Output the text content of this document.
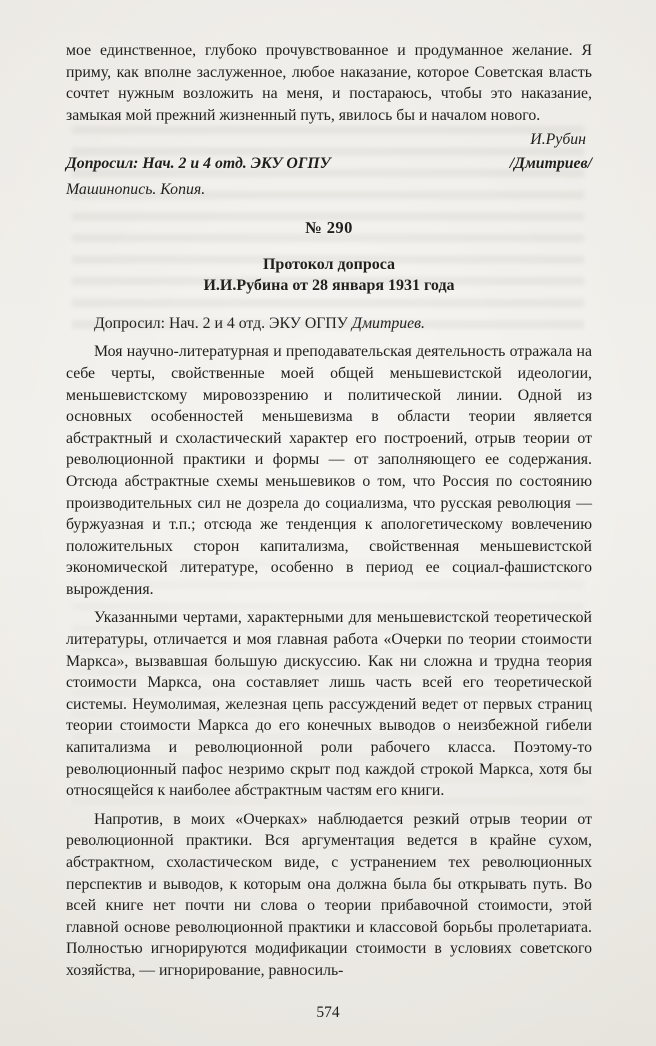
мое единственное, глубоко прочувствованное и продуманное желание. Я приму, как вполне заслуженное, любое наказание, которое Советская власть сочтет нужным возложить на меня, и постараюсь, чтобы это наказание, замыкая мой прежний жизненный путь, явилось бы и началом нового.

И.Рубин

Допросил: Нач. 2 и 4 отд. ЭКУ ОГПУ	/Дмитриев/

Машинопись. Копия.

№ 290

Протокол допроса
И.И.Рубина от 28 января 1931 года

Допросил: Нач. 2 и 4 отд. ЭКУ ОГПУ Дмитриев.

Моя научно-литературная и преподавательская деятельность отражала на себе черты, свойственные моей общей меньшевистской идеологии, меньшевистскому мировоззрению и политической линии. Одной из основных особенностей меньшевизма в области теории является абстрактный и схоластический характер его построений, отрыв теории от революционной практики и формы — от заполняющего ее содержания. Отсюда абстрактные схемы меньшевиков о том, что Россия по состоянию производительных сил не дозрела до социализма, что русская революция — буржуазная и т.п.; отсюда же тенденция к апологетическому вовлечению положительных сторон капитализма, свойственная меньшевистской экономической литературе, особенно в период ее социал-фашистского вырождения.

Указанными чертами, характерными для меньшевистской теоретической литературы, отличается и моя главная работа «Очерки по теории стоимости Маркса», вызвавшая большую дискуссию. Как ни сложна и трудна теория стоимости Маркса, она составляет лишь часть всей его теоретической системы. Неумолимая, железная цепь рассуждений ведет от первых страниц теории стоимости Маркса до его конечных выводов о неизбежной гибели капитализма и революционной роли рабочего класса. Поэтому-то революционный пафос незримо скрыт под каждой строкой Маркса, хотя бы относящейся к наиболее абстрактным частям его книги.

Напротив, в моих «Очерках» наблюдается резкий отрыв теории от революционной практики. Вся аргументация ведется в крайне сухом, абстрактном, схоластическом виде, с устранением тех революционных перспектив и выводов, к которым она должна была бы открывать путь. Во всей книге нет почти ни слова о теории прибавочной стоимости, этой главной основе революционной практики и классовой борьбы пролетариата. Полностью игнорируются модификации стоимости в условиях советского хозяйства, — игнорирование, равносиль-

574
